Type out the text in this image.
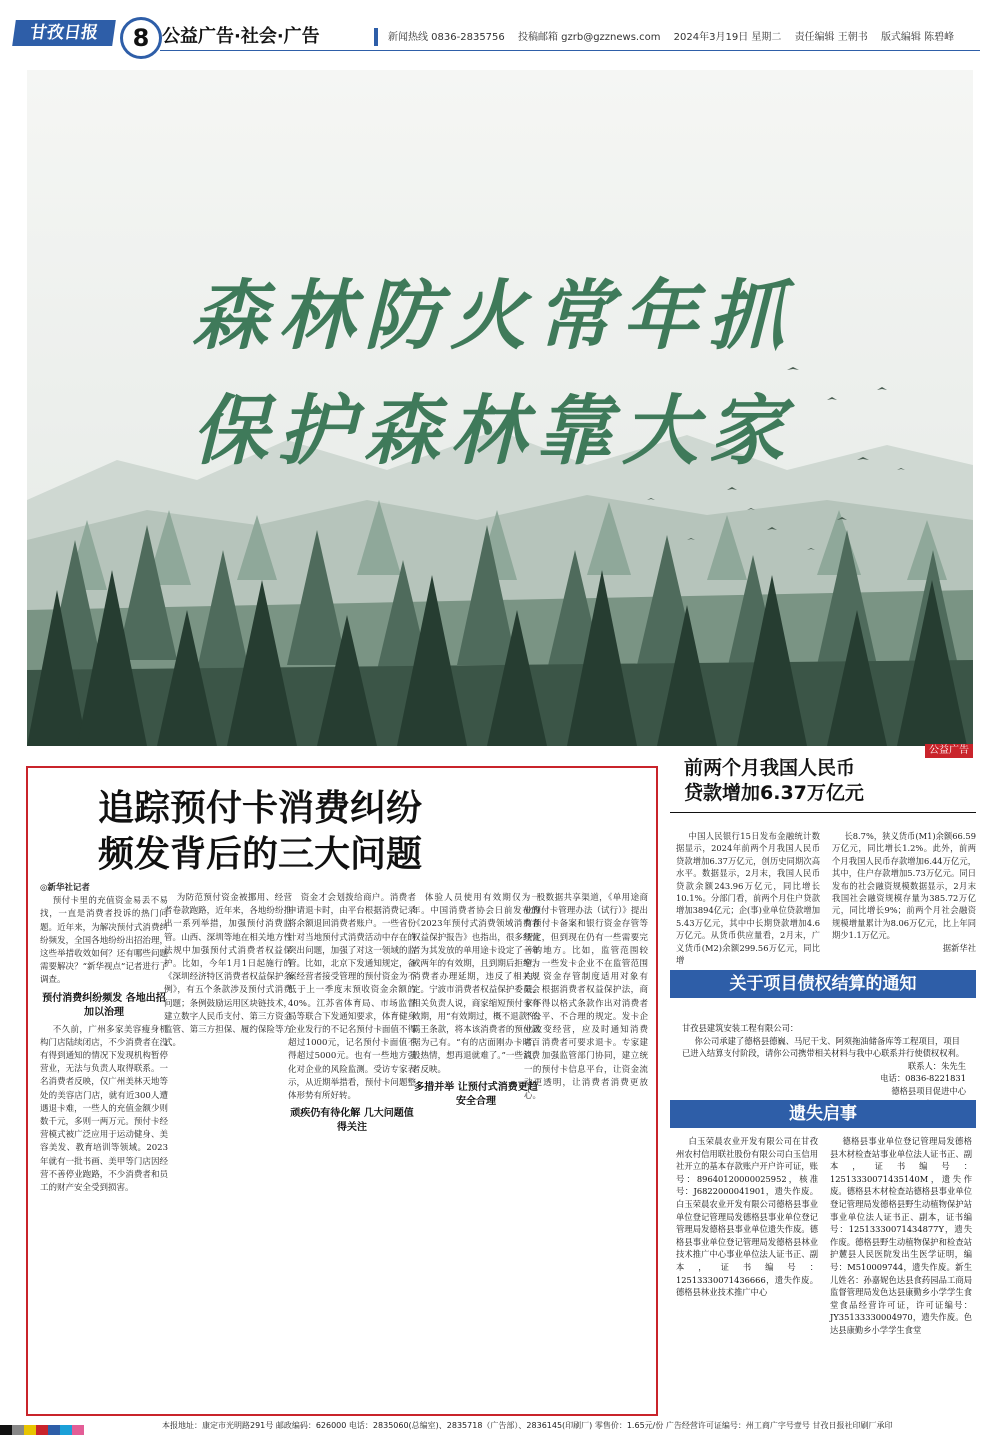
甘孜日报	8 公益广告·社会·广告	新闻热线 0836-2835756 投稿邮箱 gzrb@gzznews.com 2024年3月19日 星期二 责任编辑 王朝书 版式编辑 陈碧峰
森林防火常年抓
保护森林靠大家
公益广告
追踪预付卡消费纠纷
频发背后的三大问题

◎新华社记者

预付卡里的充值资金易丢不易找，一直是消费者投诉的热门问题。近年来，为解决预付式消费纠纷频发，全国各地纷纷出招治理，这些举措收效如何？还有哪些问题需要解决？“新华视点”记者进行了调查。

预付消费纠纷频发 各地出招加以治理

不久前，广州多家美容瘦身机构门店陆续闭店，不少消费者在没有得到通知的情况下发现机构暂停营业，无法与负责人取得联系。一名消费者反映，仅广州美林天地等处的美容店门店，就有近300人遭遇退卡难，一些人的充值金额少则数千元，多则一两万元。预付卡经营模式被广泛应用于运动健身、美容美发、教育培训等领域。2023年就有一批书画、美甲等门店因经营不善停业跑路，不少消费者和员工的财产安全受到损害。

为防范预付资金被挪用、经营者卷款跑路，近年来，各地纷纷推出一系列举措，加强预付消费监管。山西、深圳等地在相关地方性法规中加强预付式消费者权益保护。比如，今年1月1日起施行的《深圳经济特区消费者权益保护条例》，有五个条款涉及预付式消费问题；条例鼓励运用区块链技术，建立数字人民币支付、第三方资金监管、第三方担保、履约保险等方式。

资金才会划拨给商户。消费者申请退卡时，由平台根据消费记录将余额退回消费者账户。一些省份针对当地预付式消费活动中存在的突出问题，加强了对这一领域的监管。比如，北京下发通知规定，备案经营者接受管理的预付资金为不低于上一季度末预收资金余额的40%。江苏省体育局、市场监督局等联合下发通知要求，体育健身企业发行的不记名预付卡面值不得超过1000元，记名预付卡面值不得超过5000元。也有一些地方强化对企业的风险监测。受访专家表示，从近期举措看，预付卡问题整体形势有所好转。

顽疾仍有待化解 几大问题值得关注

体验人员使用有效期仅为一年。中国消费者协会日前发布的《2023年预付式消费领域消费者权益保护报告》也指出，很多经营者为其发放的单用途卡设定了一年或两年的有效期，且到期后拒绝为消费者办理延期，违反了相关规定。宁波市消费者权益保护委员会相关负责人说，商家缩短预付卡有效期，用“有效期过，概不退款”的霸王条款，将本该消费者的预付款据为己有。“有的店面刚办卡时百般热情，想再退就难了。”一些消费者反映。

多措并举 让预付式消费更趋安全合理

股数据共享渠道，《单用途商业预付卡管理办法（试行）》提出有预付卡备案和银行资金存管等规定，但到现在仍有一些需要完善的地方。比如，监管范围较窄，一些发卡企业不在监管范围内；资金存管制度适用对象有限。根据消费者权益保护法，商家不得以格式条款作出对消费者不公平、不合理的规定。发卡企业改变经营，应及时通知消费者，消费者可要求退卡。专家建议，加强监管部门协同，建立统一的预付卡信息平台，让资金流动更透明，让消费者消费更放心。

前两个月我国人民币
贷款增加6.37万亿元

中国人民银行15日发布金融统计数据显示，2024年前两个月我国人民币贷款增加6.37万亿元，创历史同期次高水平。数据显示，2月末，我国人民币贷款余额243.96万亿元，同比增长10.1%。分部门看，前两个月住户贷款增加3894亿元；企(事)业单位贷款增加5.43万亿元，其中中长期贷款增加4.6万亿元。从货币供应量看，2月末，广义货币(M2)余额299.56万亿元，同比增

长8.7%，狭义货币(M1)余额66.59万亿元，同比增长1.2%。此外，前两个月我国人民币存款增加6.44万亿元，其中，住户存款增加5.73万亿元。同日发布的社会融资规模数据显示，2月末我国社会融资规模存量为385.72万亿元，同比增长9%；前两个月社会融资规模增量累计为8.06万亿元，比上年同期少1.1万亿元。

据新华社
关于项目债权结算的通知
甘孜县建筑安装工程有限公司：
你公司承建了德格县德巍、马尼干戈、阿须拖油储备库等工程项目，项目已进入结算支付阶段，请你公司携带相关材料与我中心联系并行使债权权利。
联系人：朱先生
电话：0836-8221831
德格县项目促进中心
遗失启事

白玉荣晨农业开发有限公司在甘孜州农村信用联社股份有限公司白玉信用社开立的基本存款账户开户许可证，账号：89640120000025952，核准号：J6822000041901，遗失作废。白玉荣晨农业开发有限公司德格县事业单位登记管理局发德格县事业单位登记管理局发德格县事业单位遗失作废。德格县事业单位登记管理局发德格县林业技术推广中心事业单位法人证书正、副本，证书编号：12513330071436666，遗失作废。德格县林业技术推广中心

德格县事业单位登记管理局发德格县木材检查站事业单位法人证书正、副本，证书编号：12513330071435140M，遗失作废。德格县木材检查站德格县事业单位登记管理局发德格县野生动植物保护站事业单位法人证书正、副本，证书编号：12513330071434877Y，遗失作废。德格县野生动植物保护和检查站护麓县人民医院发出生医学证明，编号：M510009744，遗失作废。新生儿姓名：孙嘉妮色达县食药园品工商局监督管理局发色达县康勤乡小学学生食堂食品经营许可证，许可证编号：JY35133330004970，遗失作废。色达县康勤乡小学学生食堂

本报地址：康定市光明路291号 邮政编码：626000 电话：2835060(总编室)、2835718（广告部）、2836145(印刷厂) 零售价：1.65元/份 广告经营许可证编号：州工商广字号壹号 甘孜日报社印刷厂承印
